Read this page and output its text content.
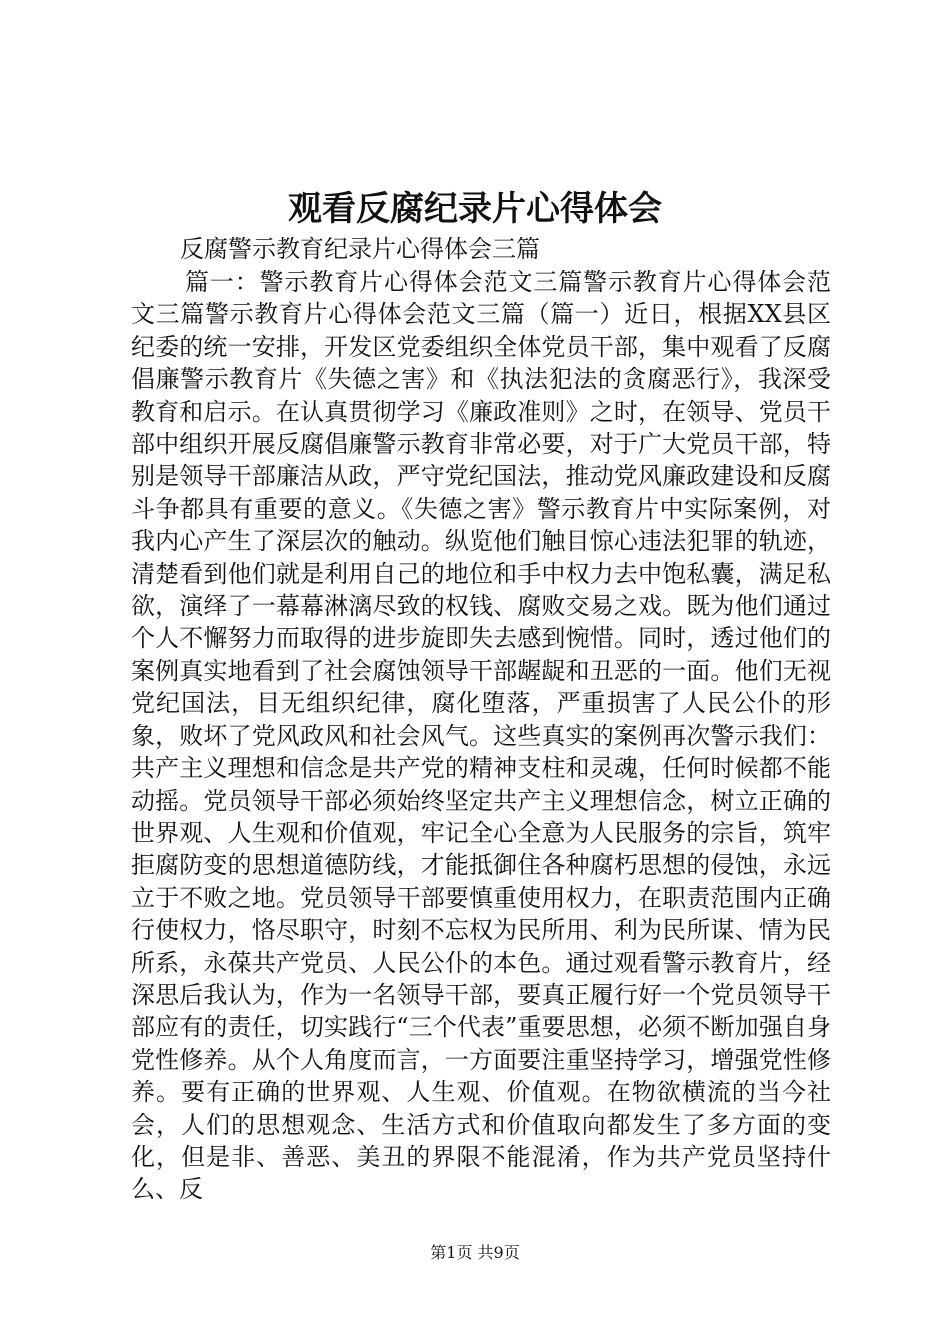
观看反腐纪录片心得体会

反腐警示教育纪录片心得体会三篇

篇一：警示教育片心得体会范文三篇警示教育片心得体会范文三篇警示教育片心得体会范文三篇（篇一）近日，根据XX县区纪委的统一安排，开发区党委组织全体党员干部，集中观看了反腐倡廉警示教育片《失德之害》和《执法犯法的贪腐恶行》，我深受教育和启示。在认真贯彻学习《廉政准则》之时，在领导、党员干部中组织开展反腐倡廉警示教育非常必要，对于广大党员干部，特别是领导干部廉洁从政，严守党纪国法，推动党风廉政建设和反腐斗争都具有重要的意义。《失德之害》警示教育片中实际案例，对我内心产生了深层次的触动。纵览他们触目惊心违法犯罪的轨迹，清楚看到他们就是利用自己的地位和手中权力去中饱私囊，满足私欲，演绎了一幕幕淋漓尽致的权钱、腐败交易之戏。既为他们通过个人不懈努力而取得的进步旋即失去感到惋惜。同时，透过他们的案例真实地看到了社会腐蚀领导干部龌龊和丑恶的一面。他们无视党纪国法，目无组织纪律，腐化堕落，严重损害了人民公仆的形象，败坏了党风政风和社会风气。这些真实的案例再次警示我们：共产主义理想和信念是共产党的精神支柱和灵魂，任何时候都不能动摇。党员领导干部必须始终坚定共产主义理想信念，树立正确的世界观、人生观和价值观，牢记全心全意为人民服务的宗旨，筑牢拒腐防变的思想道德防线，才能抵御住各种腐朽思想的侵蚀，永远立于不败之地。党员领导干部要慎重使用权力，在职责范围内正确行使权力，恪尽职守，时刻不忘权为民所用、利为民所谋、情为民所系，永葆共产党员、人民公仆的本色。通过观看警示教育片，经深思后我认为，作为一名领导干部，要真正履行好一个党员领导干部应有的责任，切实践行“三个代表”重要思想，必须不断加强自身党性修养。从个人角度而言，一方面要注重坚持学习，增强党性修养。要有正确的世界观、人生观、价值观。在物欲横流的当今社会，人们的思想观念、生活方式和价值取向都发生了多方面的变化，但是非、善恶、美丑的界限不能混淆，作为共产党员坚持什么、反

第1页 共9页
